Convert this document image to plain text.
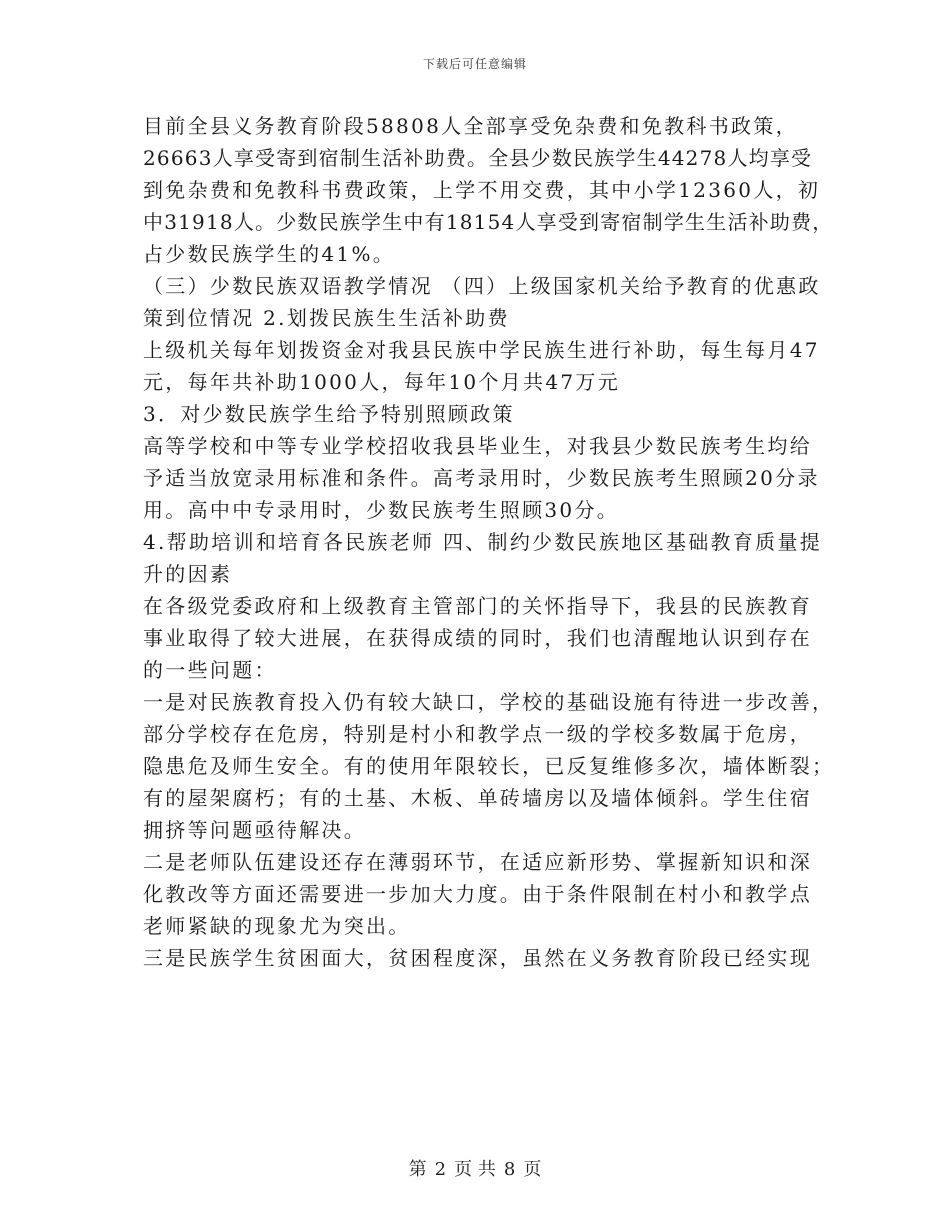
下载后可任意编辑
目前全县义务教育阶段58808人全部享受免杂费和免教科书政策，
26663人享受寄到宿制生活补助费。全县少数民族学生44278人均享受
到免杂费和免教科书费政策，上学不用交费，其中小学12360人，初
中31918人。少数民族学生中有18154人享受到寄宿制学生生活补助费，
占少数民族学生的41%。
（三）少数民族双语教学情况 （四）上级国家机关给予教育的优惠政
策到位情况 2.划拨民族生生活补助费
上级机关每年划拨资金对我县民族中学民族生进行补助，每生每月47
元，每年共补助1000人，每年10个月共47万元
3．对少数民族学生给予特别照顾政策
高等学校和中等专业学校招收我县毕业生，对我县少数民族考生均给
予适当放宽录用标准和条件。高考录用时，少数民族考生照顾20分录
用。高中中专录用时，少数民族考生照顾30分。
4.帮助培训和培育各民族老师 四、制约少数民族地区基础教育质量提
升的因素
在各级党委政府和上级教育主管部门的关怀指导下，我县的民族教育
事业取得了较大进展，在获得成绩的同时，我们也清醒地认识到存在
的一些问题：
一是对民族教育投入仍有较大缺口，学校的基础设施有待进一步改善，
部分学校存在危房，特别是村小和教学点一级的学校多数属于危房，
隐患危及师生安全。有的使用年限较长，已反复维修多次，墙体断裂；
有的屋架腐朽；有的土基、木板、单砖墙房以及墙体倾斜。学生住宿
拥挤等问题亟待解决。
二是老师队伍建设还存在薄弱环节，在适应新形势、掌握新知识和深
化教改等方面还需要进一步加大力度。由于条件限制在村小和教学点
老师紧缺的现象尤为突出。
三是民族学生贫困面大，贫困程度深，虽然在义务教育阶段已经实现
第 2 页 共 8 页
